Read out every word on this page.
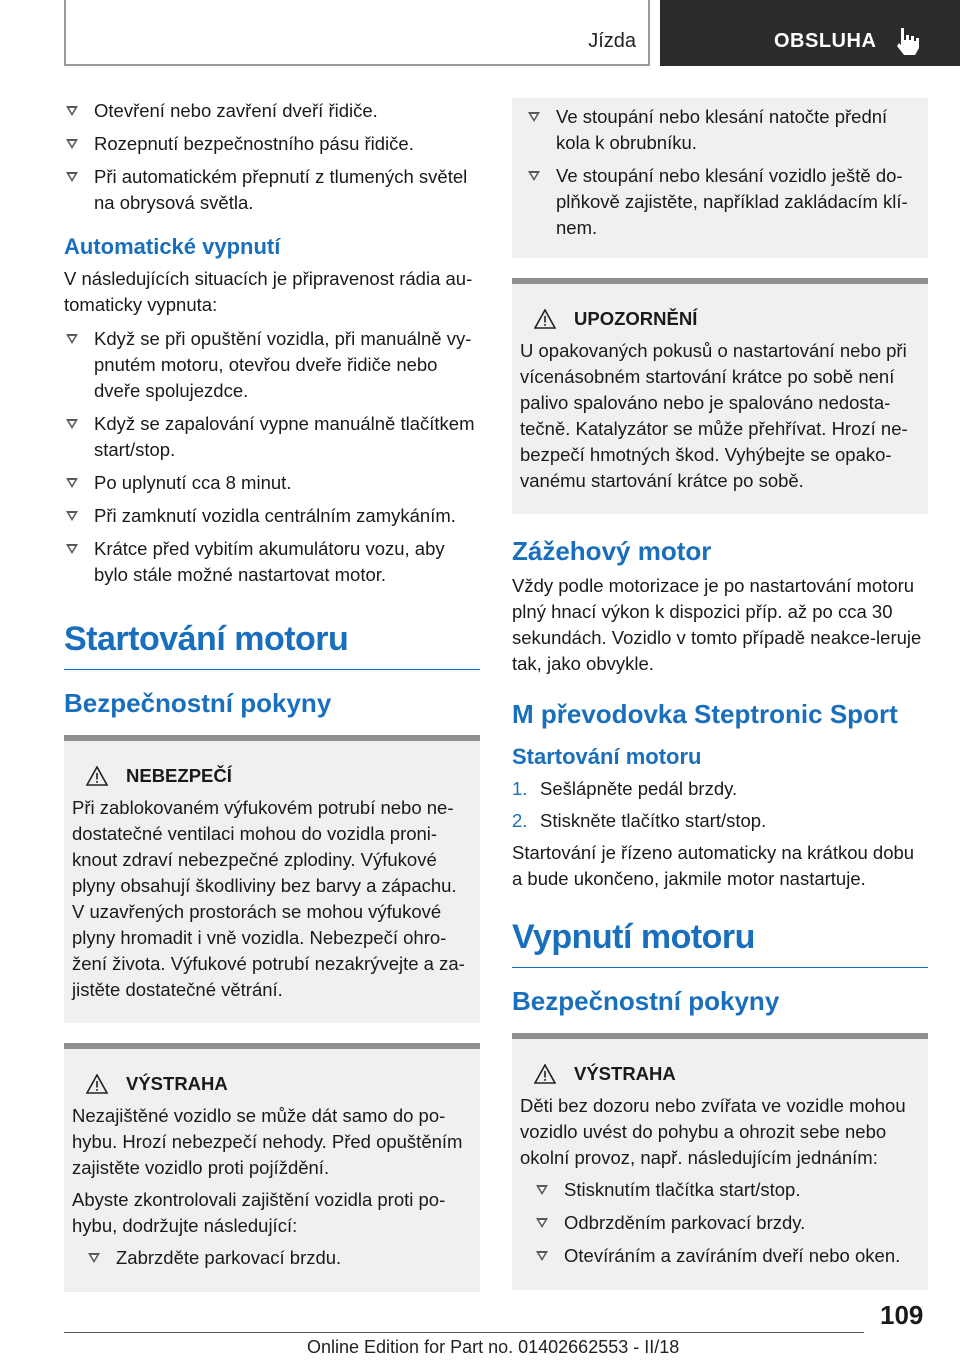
Jízda	OBSLUHA
Otevření nebo zavření dveří řidiče.
Rozepnutí bezpečnostního pásu řidiče.
Při automatickém přepnutí z tlumených světel na obrysová světla.
Automatické vypnutí
V následujících situacích je připravenost rádia au-tomaticky vypnuta:
Když se při opuštění vozidla, při manuálně vy-pnutém motoru, otevřou dveře řidiče nebo dveře spolujezdce.
Když se zapalování vypne manuálně tlačítkem start/stop.
Po uplynutí cca 8 minut.
Při zamknutí vozidla centrálním zamykáním.
Krátce před vybitím akumulátoru vozu, aby bylo stále možné nastartovat motor.
Startování motoru
Bezpečnostní pokyny
NEBEZPEČÍ
Při zablokovaném výfukovém potrubí nebo ne-dostatečné ventilaci mohou do vozidla proni-knout zdraví nebezpečné zplodiny. Výfukové plyny obsahují škodliviny bez barvy a zápachu. V uzavřených prostorách se mohou výfukové plyny hromadit i vně vozidla. Nebezpečí ohro-žení života. Výfukové potrubí nezakrývejte a za-jistěte dostatečné větrání.
VÝSTRAHA
Nezajištěné vozidlo se může dát samo do po-hybu. Hrozí nebezpečí nehody. Před opuštěním zajistěte vozidlo proti pojíždění.
Abyste zkontrolovali zajištění vozidla proti po-hybu, dodržujte následující:
Zabrzděte parkovací brzdu.
Ve stoupání nebo klesání natočte přední kola k obrubníku.
Ve stoupání nebo klesání vozidlo ještě do-plňkově zajistěte, například zakládacím klí-nem.
UPOZORNĚNÍ
U opakovaných pokusů o nastartování nebo při vícenásobném startování krátce po sobě není palivo spalováno nebo je spalováno nedosta-tečně. Katalyzátor se může přehřívat. Hrozí ne-bezpečí hmotných škod. Vyhýbejte se opako-vanému startování krátce po sobě.
Zážehový motor
Vždy podle motorizace je po nastartování motoru plný hnací výkon k dispozici příp. až po cca 30 sekundách. Vozidlo v tomto případě neakce-leruje tak, jako obvykle.
M převodovka Steptronic Sport
Startování motoru
1. Sešlápněte pedál brzdy.
2. Stiskněte tlačítko start/stop.
Startování je řízeno automaticky na krátkou dobu a bude ukončeno, jakmile motor nastartuje.
Vypnutí motoru
Bezpečnostní pokyny
VÝSTRAHA
Děti bez dozoru nebo zvířata ve vozidle mohou vozidlo uvést do pohybu a ohrozit sebe nebo okolní provoz, např. následujícím jednáním:
Stisknutím tlačítka start/stop.
Odbrzděním parkovací brzdy.
Otevíráním a zavíráním dveří nebo oken.
109
Online Edition for Part no. 01402662553 - II/18
